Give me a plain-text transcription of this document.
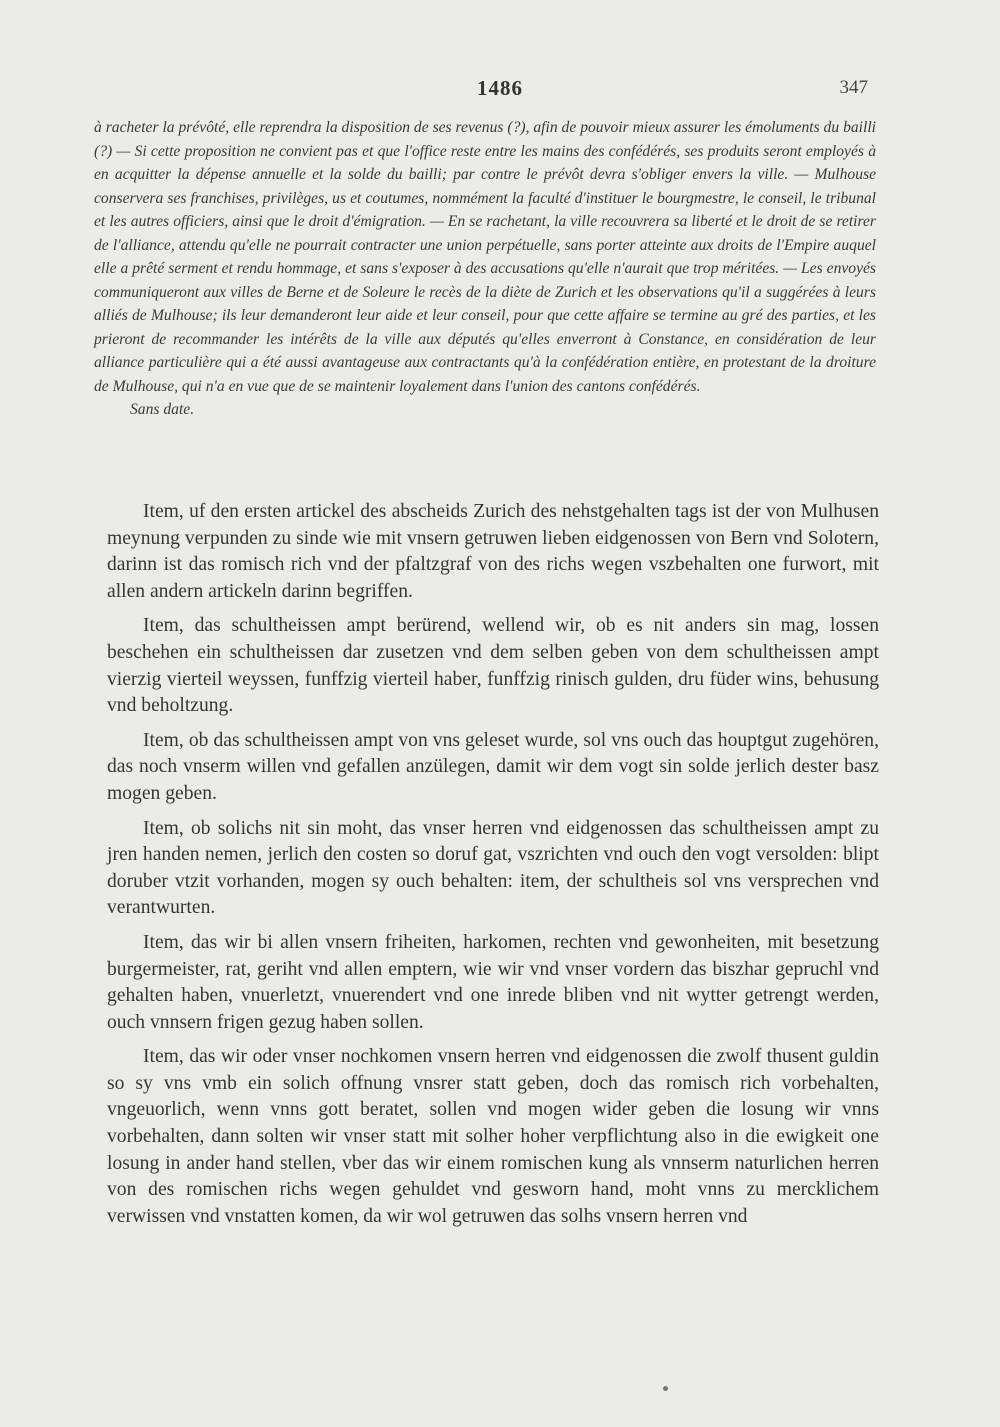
1486	347
à racheter la prévôté, elle reprendra la disposition de ses revenus (?), afin de pouvoir mieux assurer les émoluments du bailli (?) — Si cette proposition ne convient pas et que l'office reste entre les mains des confédérés, ses produits seront employés à en acquitter la dépense annuelle et la solde du bailli; par contre le prévôt devra s'obliger envers la ville. — Mulhouse conservera ses franchises, privilèges, us et coutumes, nommément la faculté d'instituer le bourgmestre, le conseil, le tribunal et les autres officiers, ainsi que le droit d'émigration. — En se rachetant, la ville recouvrera sa liberté et le droit de se retirer de l'alliance, attendu qu'elle ne pourrait contracter une union perpétuelle, sans porter atteinte aux droits de l'Empire auquel elle a prêté serment et rendu hommage, et sans s'exposer à des accusations qu'elle n'aurait que trop méritées. — Les envoyés communiqueront aux villes de Berne et de Soleure le recès de la diète de Zurich et les observations qu'il a suggérées à leurs alliés de Mulhouse; ils leur demanderont leur aide et leur conseil, pour que cette affaire se termine au gré des parties, et les prieront de recommander les intérêts de la ville aux députés qu'elles enverront à Constance, en considération de leur alliance particulière qui a été aussi avantageuse aux contractants qu'à la confédération entière, en protestant de la droiture de Mulhouse, qui n'a en vue que de se maintenir loyalement dans l'union des cantons confédérés.
Sans date.

Item, uf den ersten artickel des abscheids Zurich des nehstgehalten tags ist der von Mulhusen meynung verpunden zu sinde wie mit vnsern getruwen lieben eidgenossen von Bern vnd Solotern, darinn ist das romisch rich vnd der pfaltzgraf von des richs wegen vszbehalten one furwort, mit allen andern artickeln darinn begriffen.

Item, das schultheissen ampt berürend, wellend wir, ob es nit anders sin mag, lossen beschehen ein schultheissen dar zusetzen vnd dem selben geben von dem schultheissen ampt vierzig vierteil weyssen, funffzig vierteil haber, funffzig rinisch gulden, dru füder wins, behusung vnd beholtzung.

Item, ob das schultheissen ampt von vns geleset wurde, sol vns ouch das houptgut zugehören, das noch vnserm willen vnd gefallen anzülegen, damit wir dem vogt sin solde jerlich dester basz mogen geben.

Item, ob solichs nit sin moht, das vnser herren vnd eidgenossen das schultheissen ampt zu jren handen nemen, jerlich den costen so doruf gat, vszrichten vnd ouch den vogt versolden: blipt doruber vtzit vorhanden, mogen sy ouch behalten: item, der schultheis sol vns versprechen vnd verantwurten.

Item, das wir bi allen vnsern friheiten, harkomen, rechten vnd gewonheiten, mit besetzung burgermeister, rat, geriht vnd allen emptern, wie wir vnd vnser vordern das biszhar gepruchl vnd gehalten haben, vnuerletzt, vnuerendert vnd one inrede bliben vnd nit wytter getrengt werden, ouch vnnsern frigen gezug haben sollen.

Item, das wir oder vnser nochkomen vnsern herren vnd eidgenossen die zwolf thusent guldin so sy vns vmb ein solich offnung vnsrer statt geben, doch das romisch rich vorbehalten, vngeuorlich, wenn vnns gott beratet, sollen vnd mogen wider geben die losung wir vnns vorbehalten, dann solten wir vnser statt mit solher hoher verpflichtung also in die ewigkeit one losung in ander hand stellen, vber das wir einem romischen kung als vnnserm naturlichen herren von des romischen richs wegen gehuldet vnd gesworn hand, moht vnns zu mercklichem verwissen vnd vnstatten komen, da wir wol getruwen das solhs vnsern herren vnd
